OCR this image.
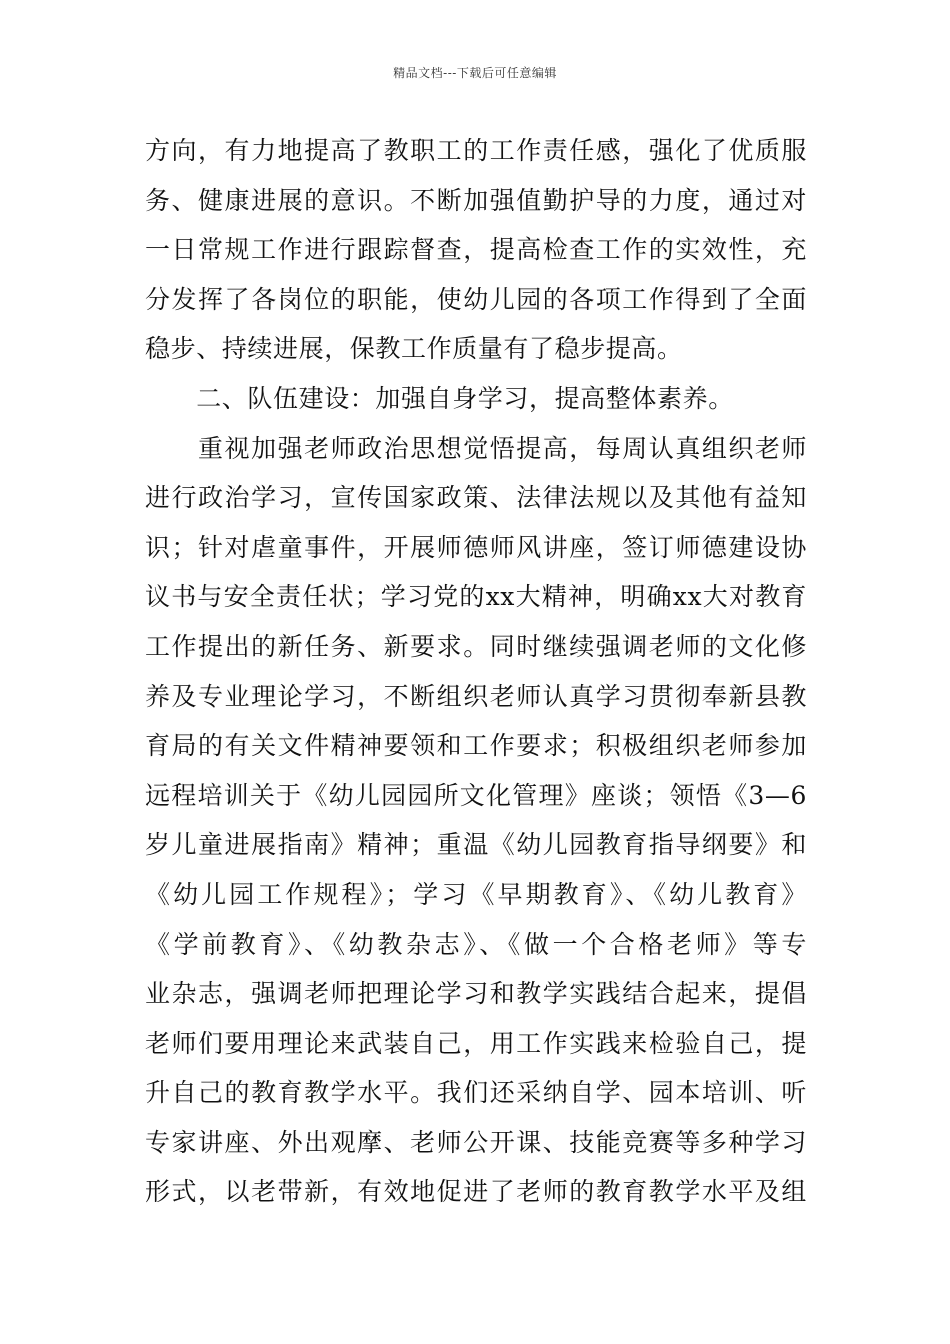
精品文档---下载后可任意编辑
方向，有力地提高了教职工的工作责任感，强化了优质服
务、健康进展的意识。不断加强值勤护导的力度，通过对
一日常规工作进行跟踪督查，提高检查工作的实效性，充
分发挥了各岗位的职能，使幼儿园的各项工作得到了全面
稳步、持续进展，保教工作质量有了稳步提高。
　　二、队伍建设：加强自身学习，提高整体素养。
　　重视加强老师政治思想觉悟提高，每周认真组织老师
进行政治学习，宣传国家政策、法律法规以及其他有益知
识；针对虐童事件，开展师德师风讲座，签订师德建设协
议书与安全责任状；学习党的xx大精神，明确xx大对教育
工作提出的新任务、新要求。同时继续强调老师的文化修
养及专业理论学习，不断组织老师认真学习贯彻奉新县教
育局的有关文件精神要领和工作要求；积极组织老师参加
远程培训关于《幼儿园园所文化管理》座谈；领悟《3—6
岁儿童进展指南》精神；重温《幼儿园教育指导纲要》和
《幼儿园工作规程》；学习《早期教育》、《幼儿教育》
《学前教育》、《幼教杂志》、《做一个合格老师》等专
业杂志，强调老师把理论学习和教学实践结合起来，提倡
老师们要用理论来武装自己，用工作实践来检验自己，提
升自己的教育教学水平。我们还采纳自学、园本培训、听
专家讲座、外出观摩、老师公开课、技能竞赛等多种学习
形式，以老带新，有效地促进了老师的教育教学水平及组
